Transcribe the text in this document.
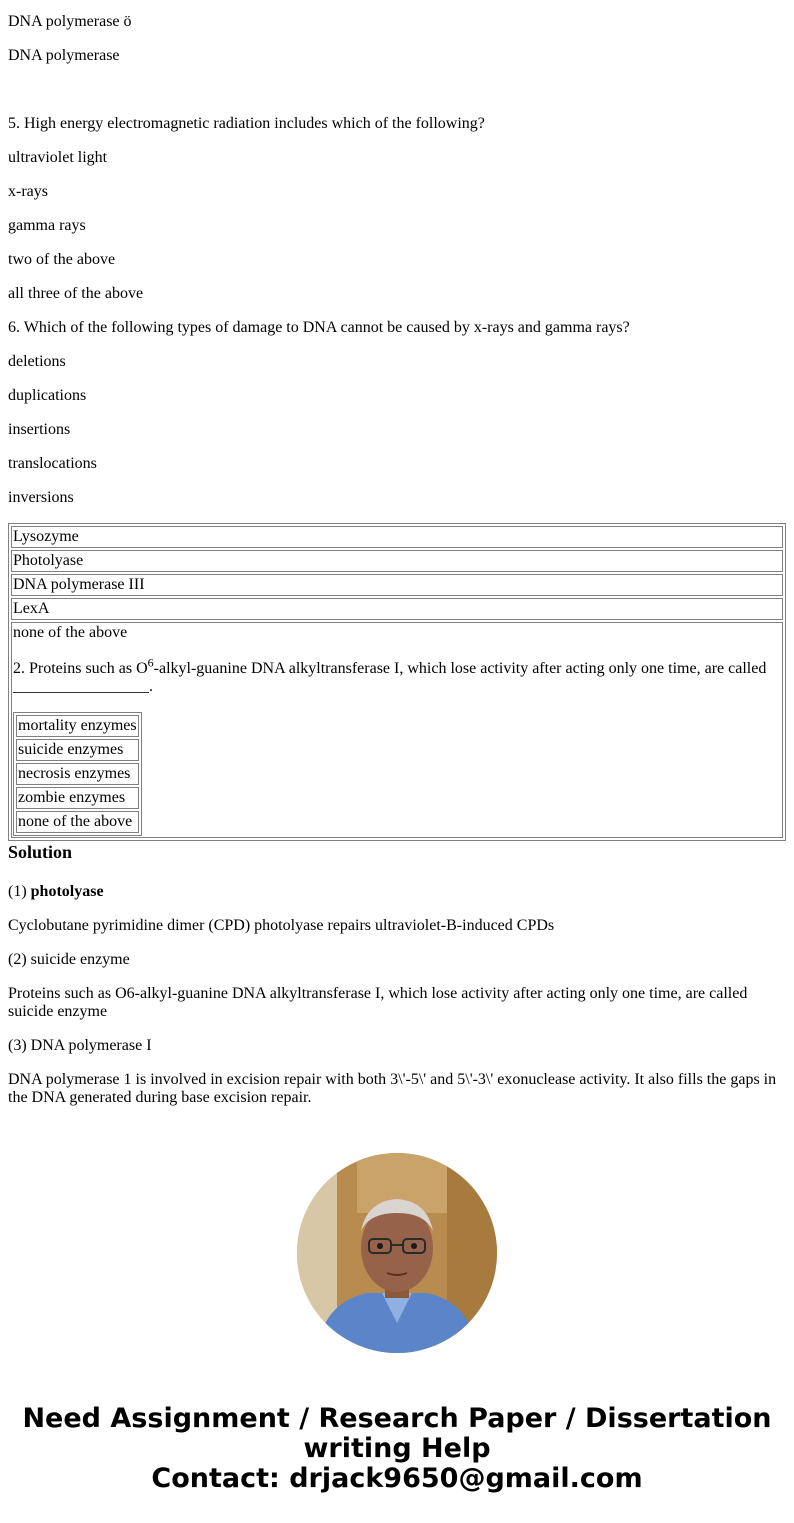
DNA polymerase ö

DNA polymerase

5. High energy electromagnetic radiation includes which of the following?

ultraviolet light

x-rays

gamma rays

two of the above

all three of the above

6. Which of the following types of damage to DNA cannot be caused by x-rays and gamma rays?

deletions

duplications

insertions

translocations

inversions

Lysozyme
Photolyase
DNA polymerase III
LexA

none of the above
2. Proteins such as $O^6-alkyl$-guanine DNA alkyltransferase I, which lose activity after acting only one time, are called _________________.
mortality enzymes
suicide enzymes
necrosis enzymes
zombie enzymes
none of the above
Solution

(1) photolyase

Cyclobutane pyrimidine dimer (CPD) photolyase repairs ultraviolet-B-induced CPDs

(2) suicide enzyme

Proteins such as O6-alkyl-guanine DNA alkyltransferase I, which lose activity after acting only one time, are called suicide enzyme

(3) DNA polymerase I

DNA polymerase 1 is involved in excision repair with both 3\'-5\' and 5\'-3\' exonuclease activity. It also fills the gaps in the DNA generated during base excision repair.

Need Assignment / Research Paper / Dissertation
writing Help
Contact: drjack9650@gmail.com
